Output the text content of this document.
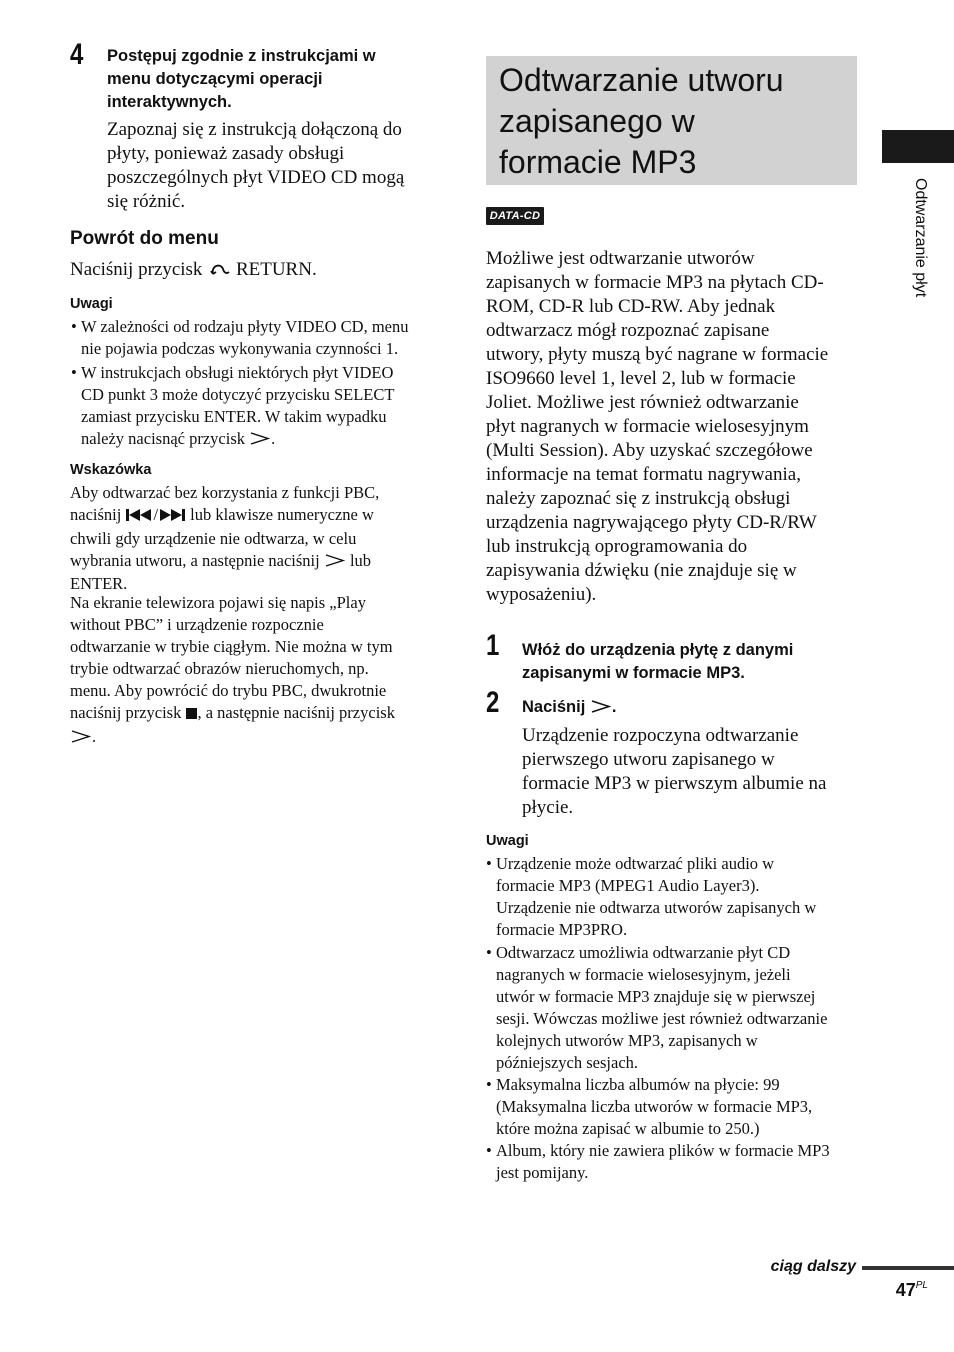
4 Postępuj zgodnie z instrukcjami w
menu dotyczącymi operacji
interaktywnych.
Zapoznaj się z instrukcją dołączoną do
płyty, ponieważ zasady obsługi
poszczególnych płyt VIDEO CD mogą
się różnić.
Powrót do menu
Naciśnij przycisk RETURN.
Uwagi
• W zależności od rodzaju płyty VIDEO CD, menu
nie pojawia podczas wykonywania czynności 1.
• W instrukcjach obsługi niektórych płyt VIDEO
CD punkt 3 może dotyczyć przycisku SELECT
zamiast przycisku ENTER. W takim wypadku
należy nacisnąć przycisk .
Wskazówka
Aby odtwarzać bez korzystania z funkcji PBC,
naciśnij / lub klawisze numeryczne w
chwili gdy urządzenie nie odtwarza, w celu
wybrania utworu, a następnie naciśnij lub
ENTER.
Na ekranie telewizora pojawi się napis „Play
without PBC” i urządzenie rozpocznie
odtwarzanie w trybie ciągłym. Nie można w tym
trybie odtwarzać obrazów nieruchomych, np.
menu. Aby powrócić do trybu PBC, dwukrotnie
naciśnij przycisk , a następnie naciśnij przycisk
.
Odtwarzanie utworu
zapisanego w
formacie MP3
DATA-CD
Możliwe jest odtwarzanie utworów
zapisanych w formacie MP3 na płytach CD-
ROM, CD-R lub CD-RW. Aby jednak
odtwarzacz mógł rozpoznać zapisane
utwory, płyty muszą być nagrane w formacie
ISO9660 level 1, level 2, lub w formacie
Joliet. Możliwe jest również odtwarzanie
płyt nagranych w formacie wielosesyjnym
(Multi Session). Aby uzyskać szczegółowe
informacje na temat formatu nagrywania,
należy zapoznać się z instrukcją obsługi
urządzenia nagrywającego płyty CD-R/RW
lub instrukcją oprogramowania do
zapisywania dźwięku (nie znajduje się w
wyposażeniu).
1 Włóż do urządzenia płytę z danymi
zapisanymi w formacie MP3.
2 Naciśnij .
Urządzenie rozpoczyna odtwarzanie
pierwszego utworu zapisanego w
formacie MP3 w pierwszym albumie na
płycie.
Uwagi
• Urządzenie może odtwarzać pliki audio w
formacie MP3 (MPEG1 Audio Layer3).
Urządzenie nie odtwarza utworów zapisanych w
formacie MP3PRO.
• Odtwarzacz umożliwia odtwarzanie płyt CD
nagranych w formacie wielosesyjnym, jeżeli
utwór w formacie MP3 znajduje się w pierwszej
sesji. Wówczas możliwe jest również odtwarzanie
kolejnych utworów MP3, zapisanych w
późniejszych sesjach.
• Maksymalna liczba albumów na płycie: 99
(Maksymalna liczba utworów w formacie MP3,
które można zapisać w albumie to 250.)
• Album, który nie zawiera plików w formacie MP3
jest pomijany.
Odtwarzanie płyt
ciąg dalszy
$47^{PL}$
